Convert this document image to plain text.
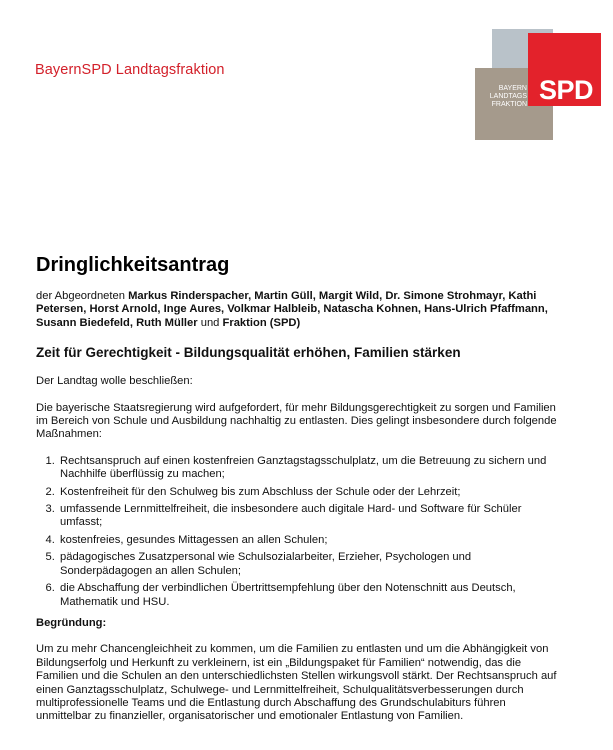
BayernSPD Landtagsfraktion
SPD
BAYERN
LANDTAGS
FRAKTION
Dringlichkeitsantrag

der Abgeordneten Markus Rinderspacher, Martin Güll, Margit Wild, Dr. Simone Strohmayr, Kathi Petersen, Horst Arnold, Inge Aures, Volkmar Halbleib, Natascha Kohnen, Hans-Ulrich Pfaffmann, Susann Biedefeld, Ruth Müller und Fraktion (SPD)

Zeit für Gerechtigkeit - Bildungsqualität erhöhen, Familien stärken

Der Landtag wolle beschließen:

Die bayerische Staatsregierung wird aufgefordert, für mehr Bildungsgerechtigkeit zu sorgen und Familien im Bereich von Schule und Ausbildung nachhaltig zu entlasten. Dies gelingt insbesondere durch folgende Maßnahmen:

1. Rechtsanspruch auf einen kostenfreien Ganztagstagsschulplatz, um die Betreuung zu sichern und Nachhilfe überflüssig zu machen;
2. Kostenfreiheit für den Schulweg bis zum Abschluss der Schule oder der Lehrzeit;
3. umfassende Lernmittelfreiheit, die insbesondere auch digitale Hard- und Software für Schüler umfasst;
4. kostenfreies, gesundes Mittagessen an allen Schulen;
5. pädagogisches Zusatzpersonal wie Schulsozialarbeiter, Erzieher, Psychologen und Sonderpädagogen an allen Schulen;
6. die Abschaffung der verbindlichen Übertrittsempfehlung über den Notenschnitt aus Deutsch, Mathematik und HSU.

Begründung:

Um zu mehr Chancengleichheit zu kommen, um die Familien zu entlasten und um die Abhängigkeit von Bildungserfolg und Herkunft zu verkleinern, ist ein „Bildungspaket für Familien“ notwendig, das die Familien und die Schulen an den unterschiedlichsten Stellen wirkungsvoll stärkt. Der Rechtsanspruch auf einen Ganztagsschulplatz, Schulwege- und Lernmittelfreiheit, Schulqualitätsverbesserungen durch multiprofessionelle Teams und die Entlastung durch Abschaffung des Grundschulabiturs führen unmittelbar zu finanzieller, organisatorischer und emotionaler Entlastung von Familien.
